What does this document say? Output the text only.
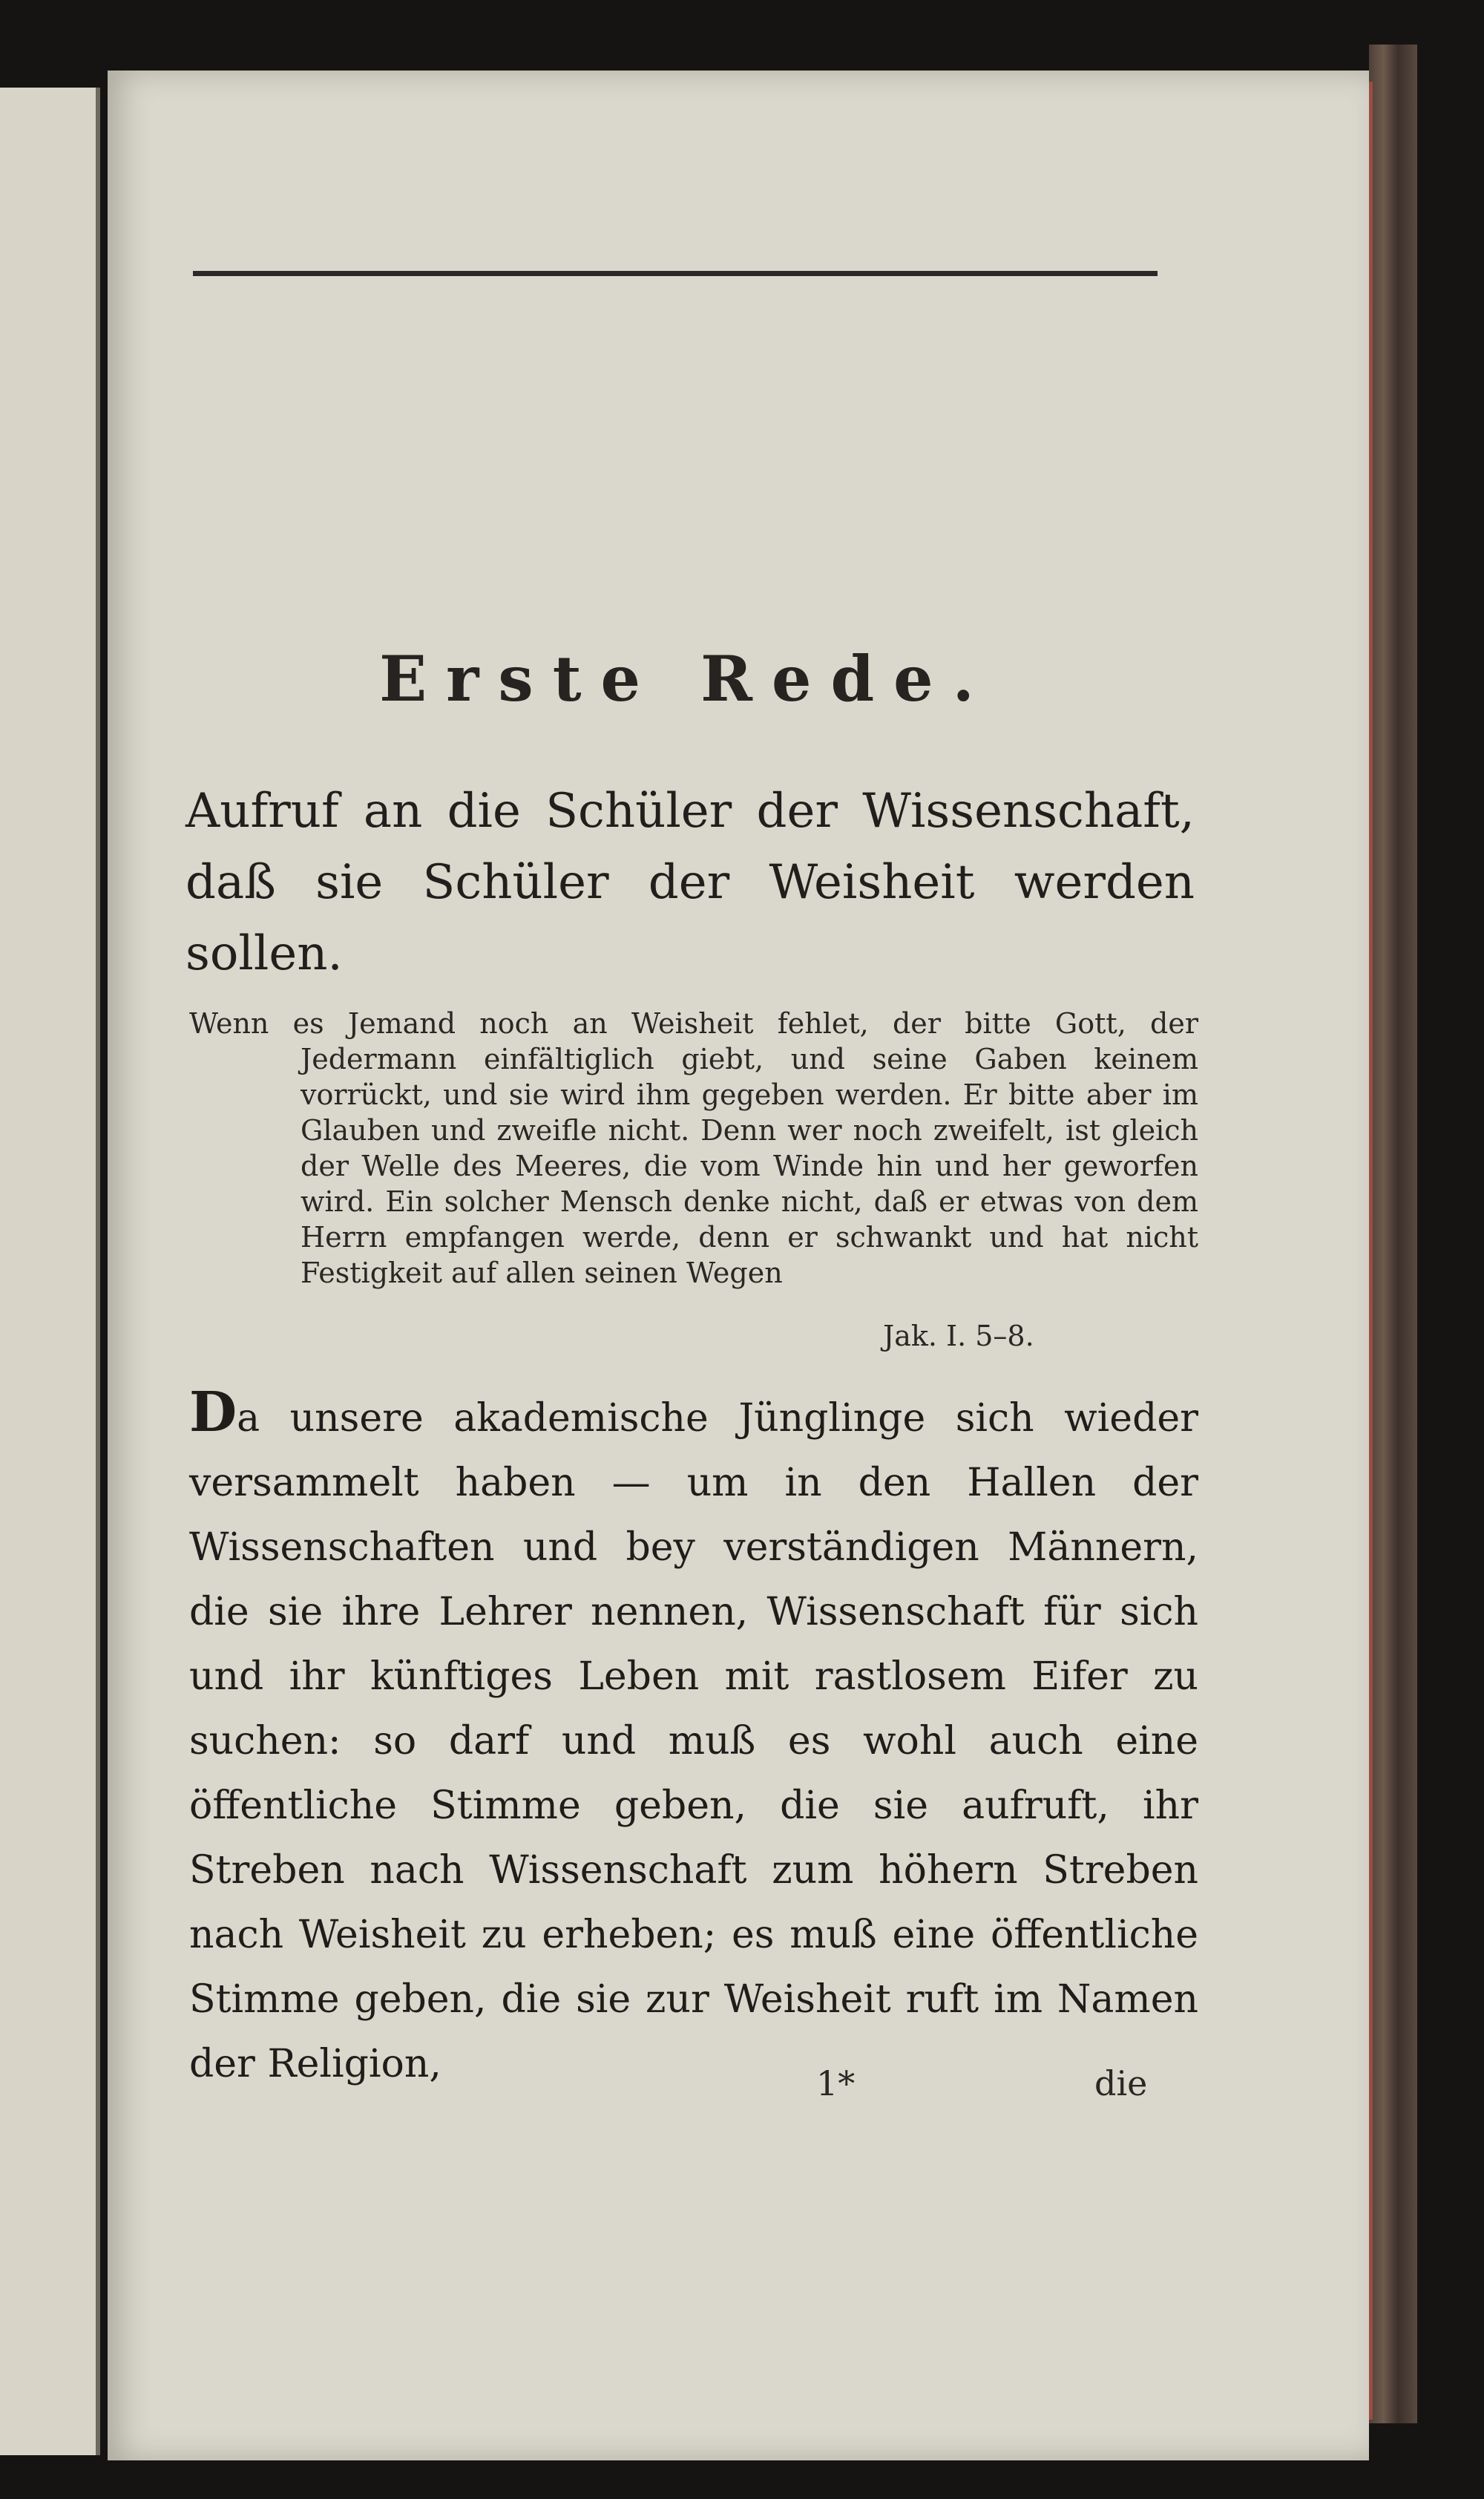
Erste Rede.
Aufruf an die Schüler der Wissenschaft, daß sie Schüler der Weisheit werden sollen.

Wenn es Jemand noch an Weisheit fehlet, der bitte Gott, der Jedermann einfältiglich giebt, und seine Gaben keinem vorrückt, und sie wird ihm gegeben werden. Er bitte aber im Glauben und zweifle nicht. Denn wer noch zweifelt, ist gleich der Welle des Meeres, die vom Winde hin und her geworfen wird. Ein solcher Mensch denke nicht, daß er etwas von dem Herrn empfangen werde, denn er schwankt und hat nicht Festigkeit auf allen seinen Wegen

Jak. I. 5–8.
Da unsere akademische Jünglinge sich wieder versammelt haben — um in den Hallen der Wissenschaften und bey verständigen Männern, die sie ihre Lehrer nennen, Wissenschaft für sich und ihr künftiges Leben mit rastlosem Eifer zu suchen: so darf und muß es wohl auch eine öffentliche Stimme geben, die sie aufruft, ihr Streben nach Wissenschaft zum höhern Streben nach Weisheit zu erheben; es muß eine öffentliche Stimme geben, die sie zur Weisheit ruft im Namen der Religion,	1*	die
